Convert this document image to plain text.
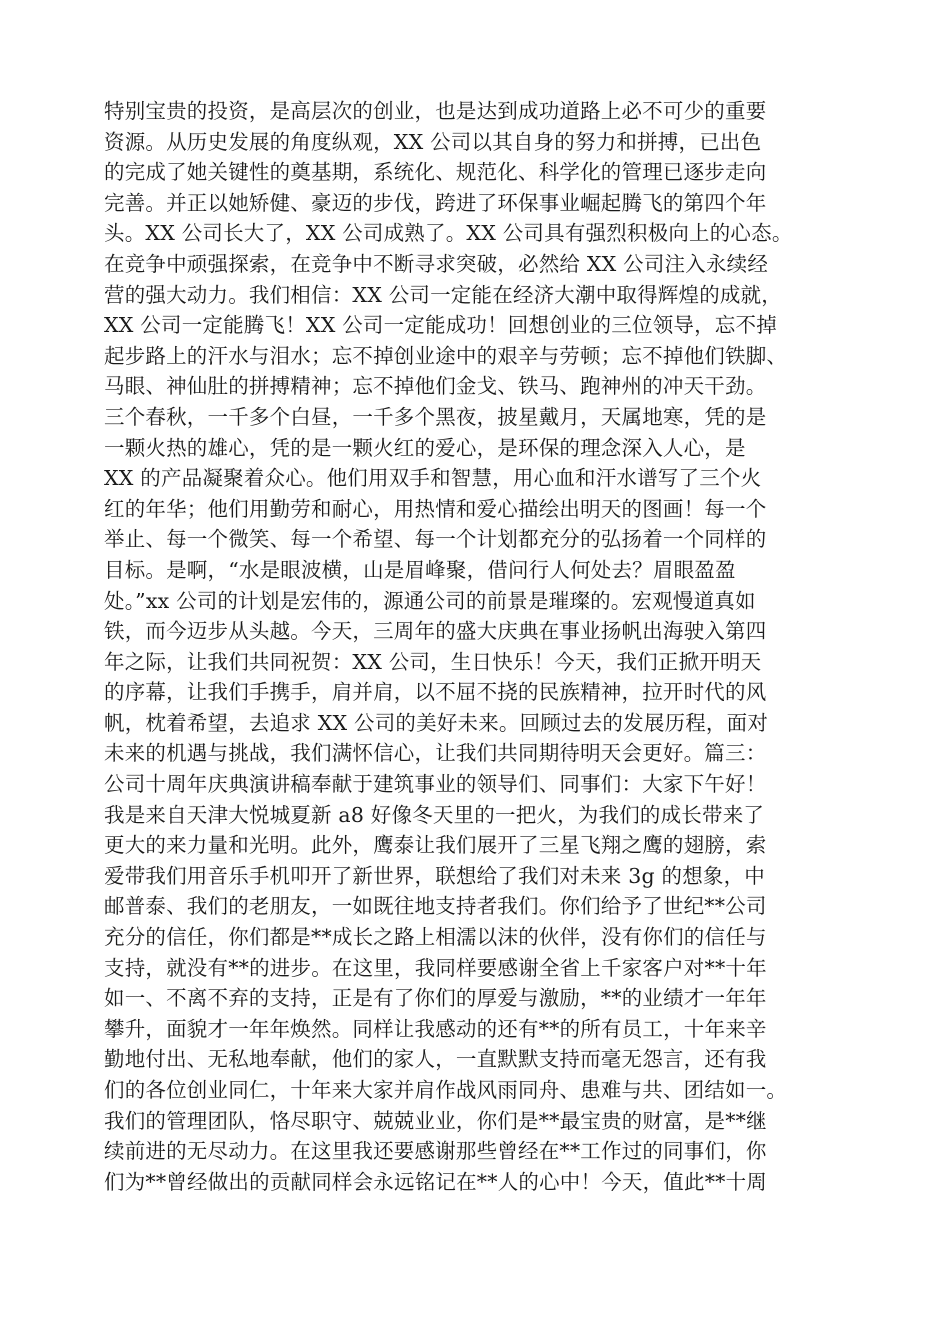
特别宝贵的投资，是高层次的创业，也是达到成功道路上必不可少的重要
资源。从历史发展的角度纵观，XX 公司以其自身的努力和拼搏，已出色
的完成了她关键性的奠基期，系统化、规范化、科学化的管理已逐步走向
完善。并正以她矫健、豪迈的步伐，跨进了环保事业崛起腾飞的第四个年
头。XX 公司长大了，XX 公司成熟了。XX 公司具有强烈积极向上的心态。
在竞争中顽强探索，在竞争中不断寻求突破，必然给 XX 公司注入永续经
营的强大动力。我们相信：XX 公司一定能在经济大潮中取得辉煌的成就，
XX 公司一定能腾飞！XX 公司一定能成功！回想创业的三位领导，忘不掉
起步路上的汗水与泪水；忘不掉创业途中的艰辛与劳顿；忘不掉他们铁脚、
马眼、神仙肚的拼搏精神；忘不掉他们金戈、铁马、跑神州的冲天干劲。
三个春秋，一千多个白昼，一千多个黑夜，披星戴月，天属地寒，凭的是
一颗火热的雄心，凭的是一颗火红的爱心，是环保的理念深入人心，是
XX 的产品凝聚着众心。他们用双手和智慧，用心血和汗水谱写了三个火
红的年华；他们用勤劳和耐心，用热情和爱心描绘出明天的图画！每一个
举止、每一个微笑、每一个希望、每一个计划都充分的弘扬着一个同样的
目标。是啊，“水是眼波横，山是眉峰聚，借问行人何处去？眉眼盈盈
处。”xx 公司的计划是宏伟的，源通公司的前景是璀璨的。宏观慢道真如
铁，而今迈步从头越。今天，三周年的盛大庆典在事业扬帆出海驶入第四
年之际，让我们共同祝贺：XX 公司，生日快乐！今天，我们正掀开明天
的序幕，让我们手携手，肩并肩，以不屈不挠的民族精神，拉开时代的风
帆，枕着希望，去追求 XX 公司的美好未来。回顾过去的发展历程，面对
未来的机遇与挑战，我们满怀信心，让我们共同期待明天会更好。篇三：
公司十周年庆典演讲稿奉献于建筑事业的领导们、同事们：大家下午好！
我是来自天津大悦城夏新 a8 好像冬天里的一把火，为我们的成长带来了
更大的来力量和光明。此外，鹰泰让我们展开了三星飞翔之鹰的翅膀，索
爱带我们用音乐手机叩开了新世界，联想给了我们对未来 3g 的想象，中
邮普泰、我们的老朋友，一如既往地支持者我们。你们给予了世纪**公司
充分的信任，你们都是**成长之路上相濡以沫的伙伴，没有你们的信任与
支持，就没有**的进步。在这里，我同样要感谢全省上千家客户对**十年
如一、不离不弃的支持，正是有了你们的厚爱与激励，**的业绩才一年年
攀升，面貌才一年年焕然。同样让我感动的还有**的所有员工，十年来辛
勤地付出、无私地奉献，他们的家人，一直默默支持而毫无怨言，还有我
们的各位创业同仁，十年来大家并肩作战风雨同舟、患难与共、团结如一。
我们的管理团队，恪尽职守、兢兢业业，你们是**最宝贵的财富，是**继
续前进的无尽动力。在这里我还要感谢那些曾经在**工作过的同事们，你
们为**曾经做出的贡献同样会永远铭记在**人的心中！今天，值此**十周
